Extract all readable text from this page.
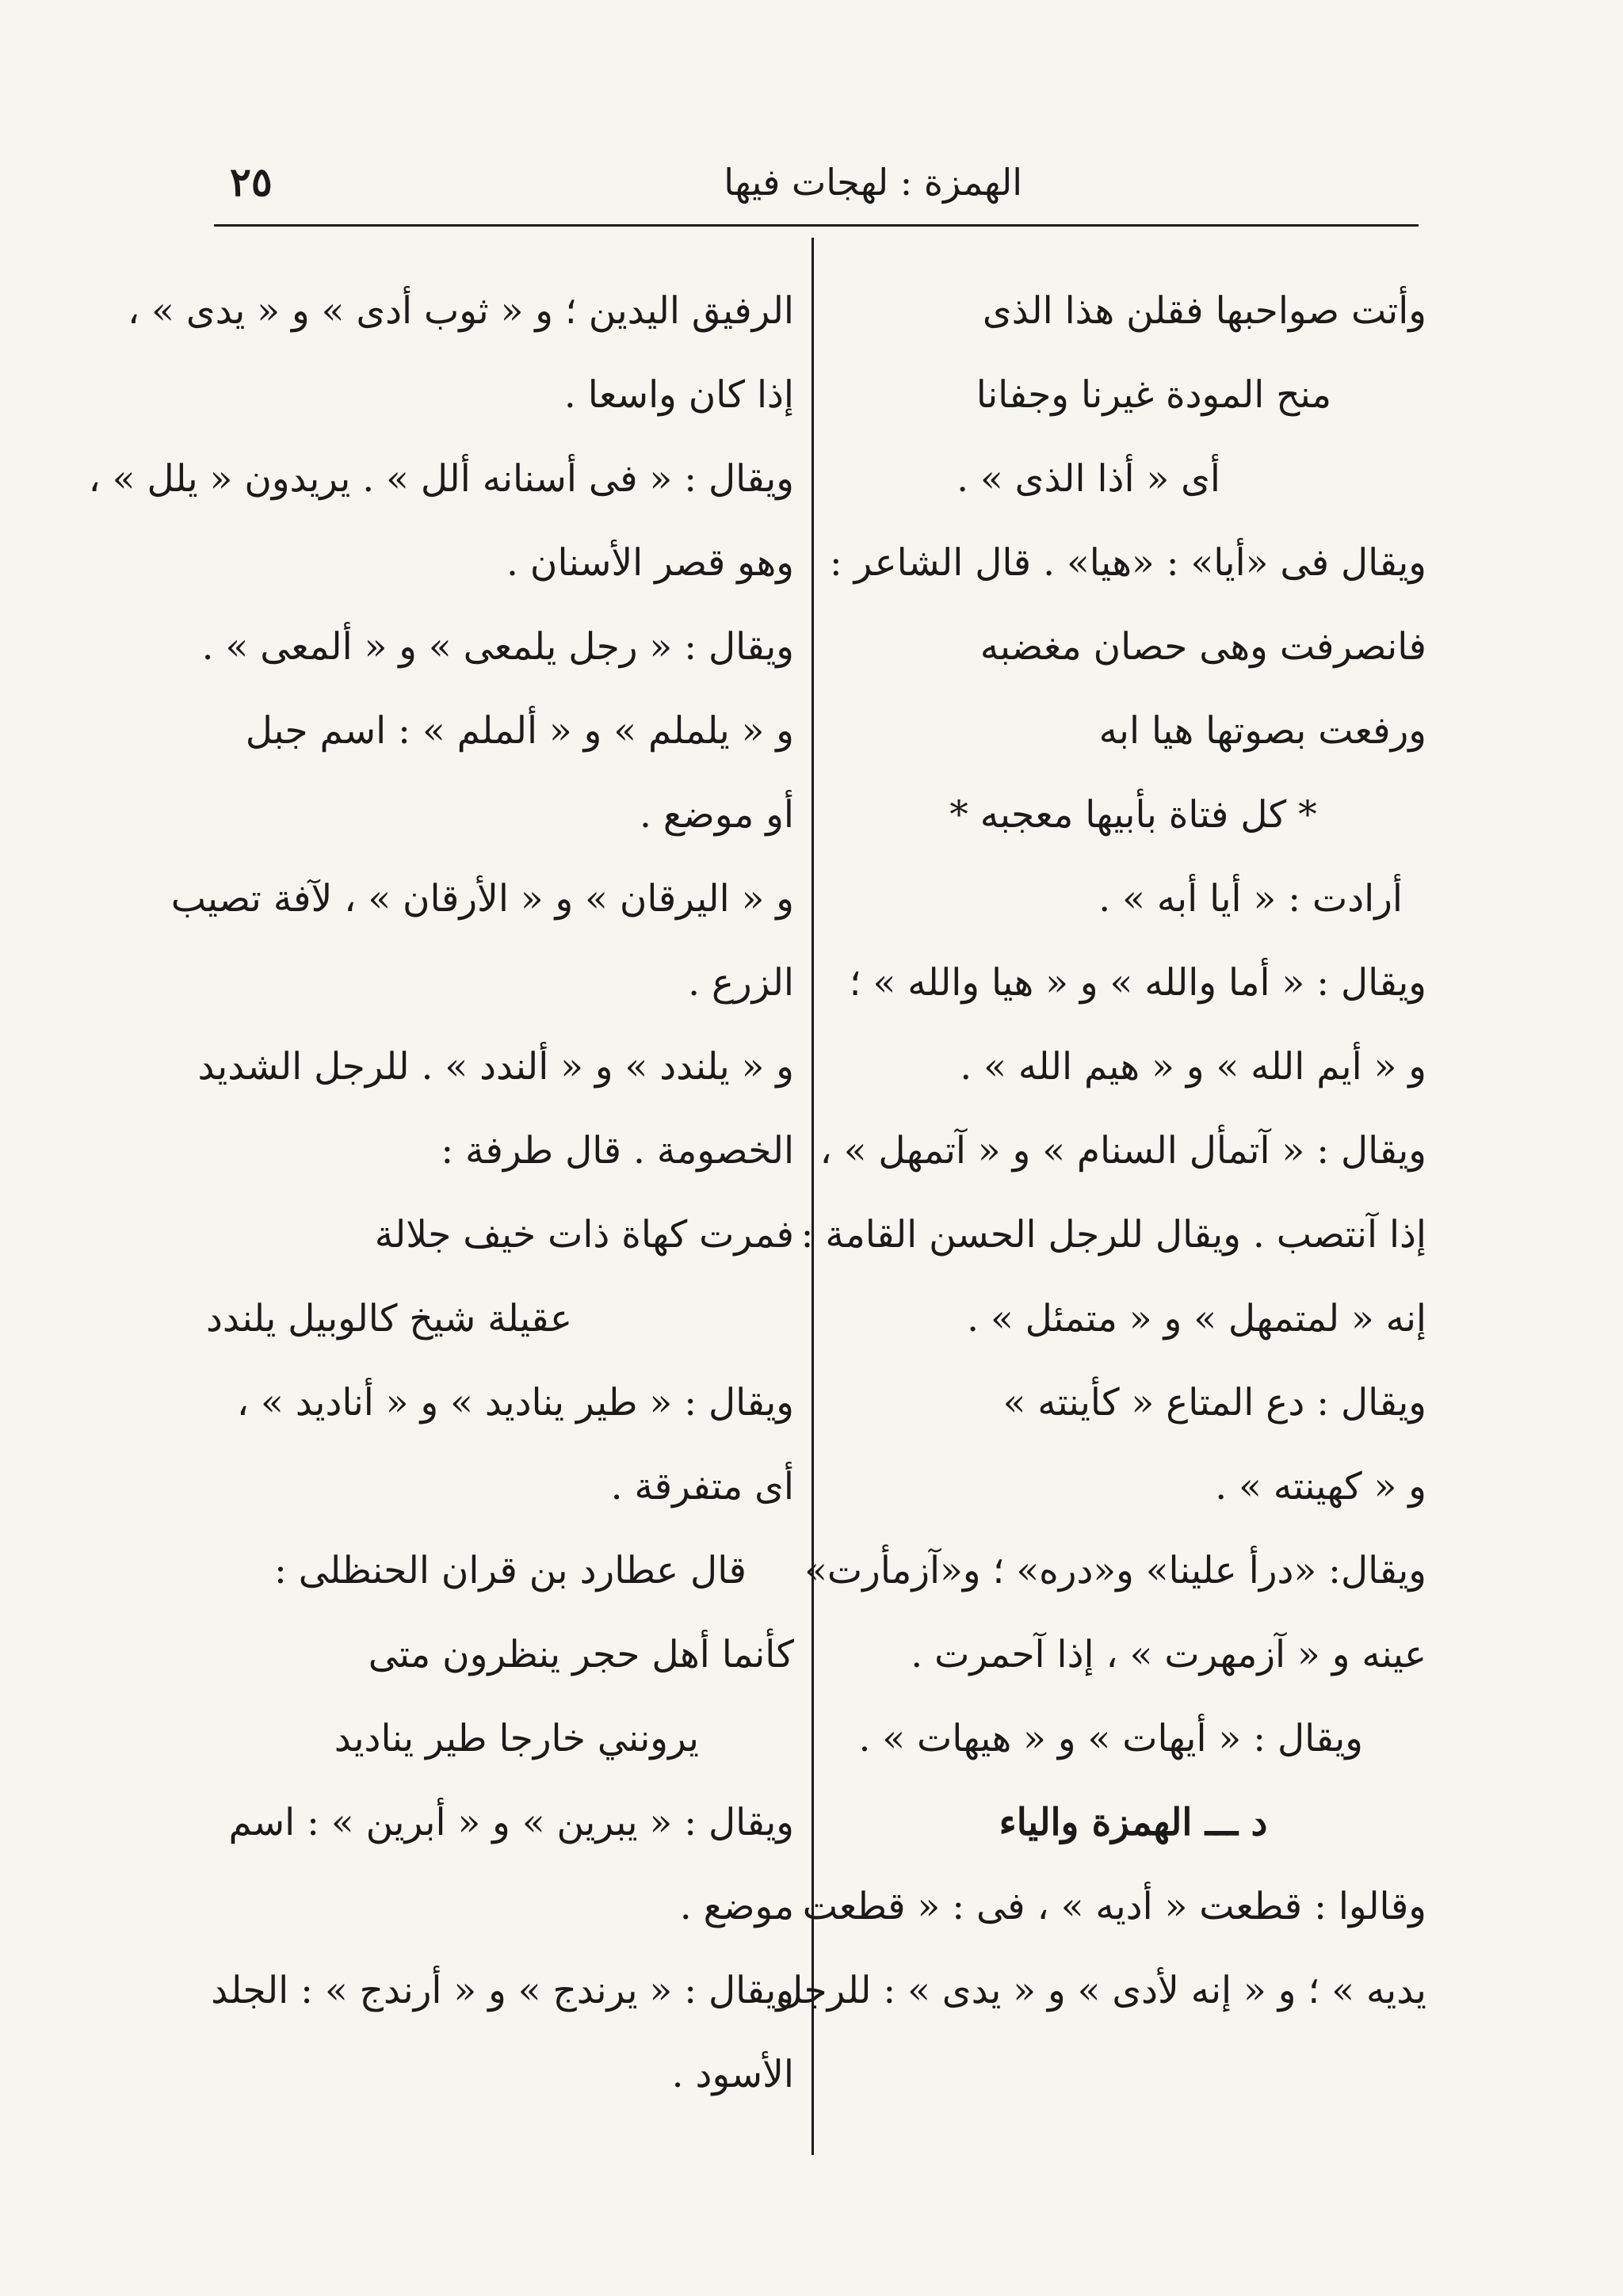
الهمزة : لهجات فيها
٢٥
وأتت صواحبها فقلن هذا الذى
منح المودة غيرنا وجفانا
أى « أذا الذى » .
ويقال فى «أيا» : «هيا» . قال الشاعر :
فانصرفت وهى حصان مغضبه
ورفعت بصوتها هيا ابه
* كل فتاة بأبيها معجبه *
أرادت : « أيا أبه » .
ويقال : « أما والله » و « هيا والله » ؛
و « أيم الله » و « هيم الله » .
ويقال : « آتمأل السنام » و « آتمهل » ،
إذا آنتصب . ويقال للرجل الحسن القامة :
إنه « لمتمهل » و « متمئل » .
ويقال : دع المتاع « كأينته »
و « كهينته » .
ويقال: «درأ علينا» و«دره» ؛ و«آزمأرت»
عينه و « آزمهرت » ، إذا آحمرت .
ويقال : « أيهات » و « هيهات » .
د ـــ الهمزة والياء
وقالوا : قطعت « أديه » ، فى : « قطعت
يديه » ؛ و « إنه لأدى » و « يدى » : للرجل
الرفيق اليدين ؛ و « ثوب أدى » و « يدى » ،
إذا كان واسعا .
ويقال : « فى أسنانه ألل » . يريدون « يلل » ،
وهو قصر الأسنان .
ويقال : « رجل يلمعى » و « ألمعى » .
و « يلملم » و « ألملم » : اسم جبل
أو موضع .
و « اليرقان » و « الأرقان » ، لآفة تصيب
الزرع .
و « يلندد » و « ألندد » . للرجل الشديد
الخصومة . قال طرفة :
فمرت كهاة ذات خيف جلالة
عقيلة شيخ كالوبيل يلندد
ويقال : « طير يناديد » و « أناديد » ،
أى متفرقة .
قال عطارد بن قران الحنظلى :
كأنما أهل حجر ينظرون متى
يرونني خارجا طير يناديد
ويقال : « يبرين » و « أبرين » : اسم
موضع .
ويقال : « يرندج » و « أرندج » : الجلد
الأسود .
